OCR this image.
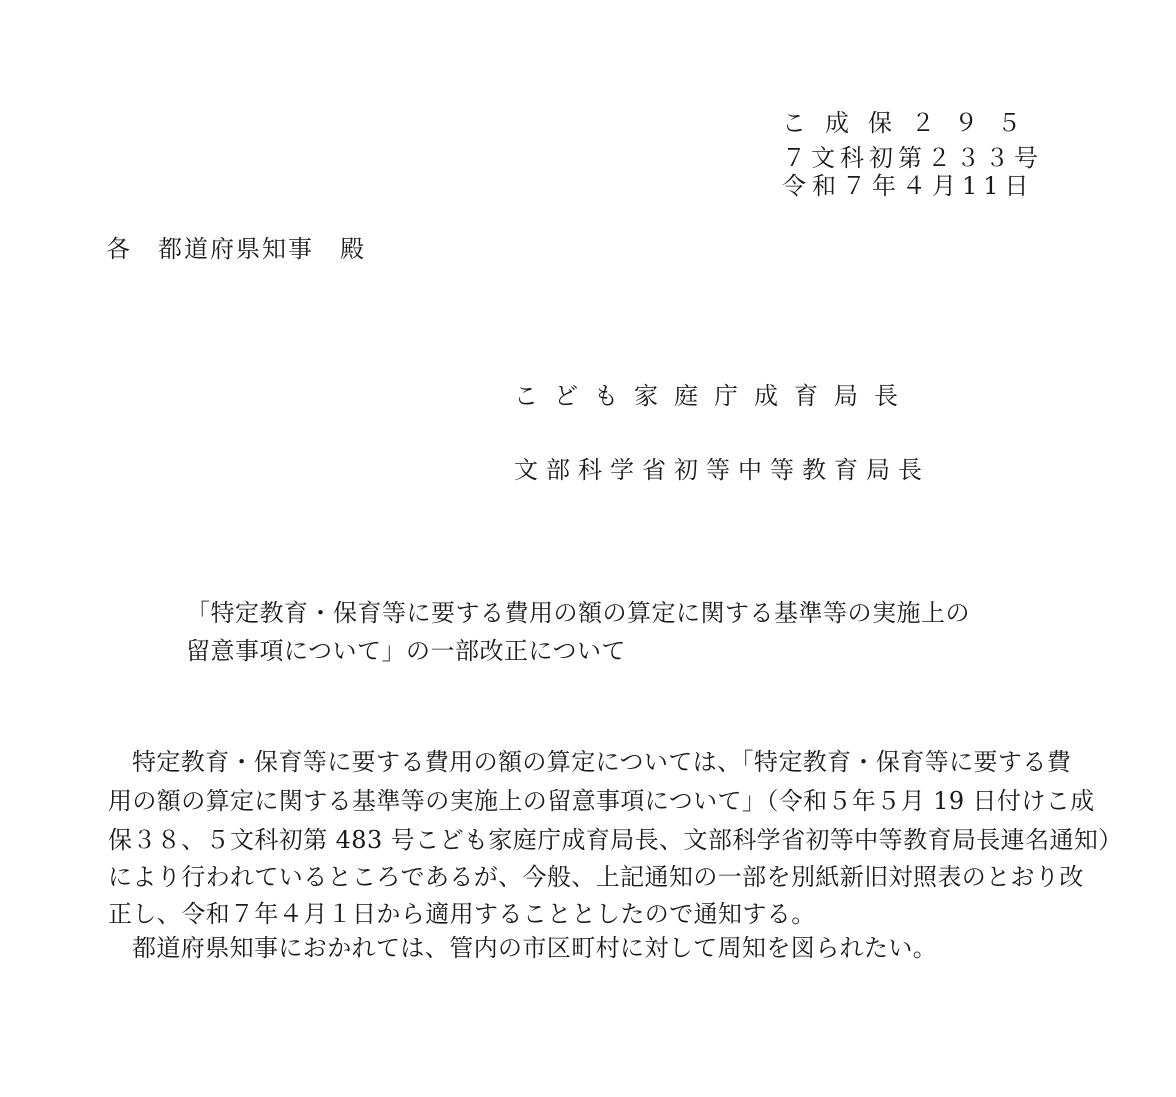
こ成保２９５
７文科初第２３３号
令和７年４月11日
各　都道府県知事　殿
こども家庭庁成育局長
文部科学省初等中等教育局長
「特定教育・保育等に要する費用の額の算定に関する基準等の実施上の
留意事項について」の一部改正について
特定教育・保育等に要する費用の額の算定については、「特定教育・保育等に要する費
用の額の算定に関する基準等の実施上の留意事項について」（令和５年５月 19 日付けこ成
保３８、５文科初第 483 号こども家庭庁成育局長、文部科学省初等中等教育局長連名通知）
により行われているところであるが、今般、上記通知の一部を別紙新旧対照表のとおり改
正し、令和７年４月１日から適用することとしたので通知する。
都道府県知事におかれては、管内の市区町村に対して周知を図られたい。
